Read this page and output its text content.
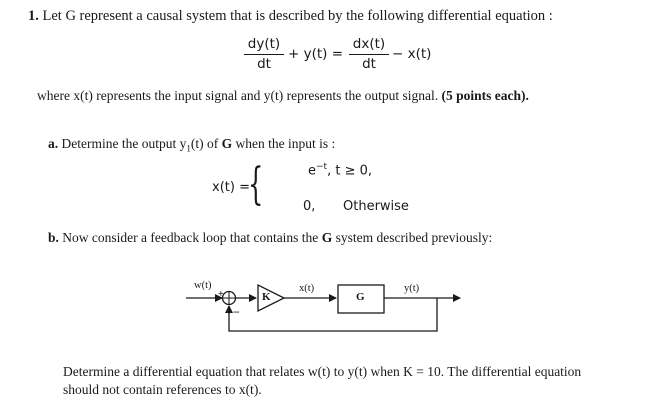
1. Let G represent a causal system that is described by the following differential equation :
dy(t)
dt
+ y(t) =
dx(t)
dt
− x(t)
where x(t) represents the input signal and y(t) represents the output signal. (5 points each).
a. Determine the output $y_1(t)$ of G when the input is :
x(t) =
{	$e^{-t}$, t ≥ 0,
0, Otherwise
b. Now consider a feedback loop that contains the G system described previously:
w(t)
+
−
K
x(t)
G
y(t)
Determine a differential equation that relates w(t) to y(t) when K = 10. The differential equation
should not contain references to x(t).
